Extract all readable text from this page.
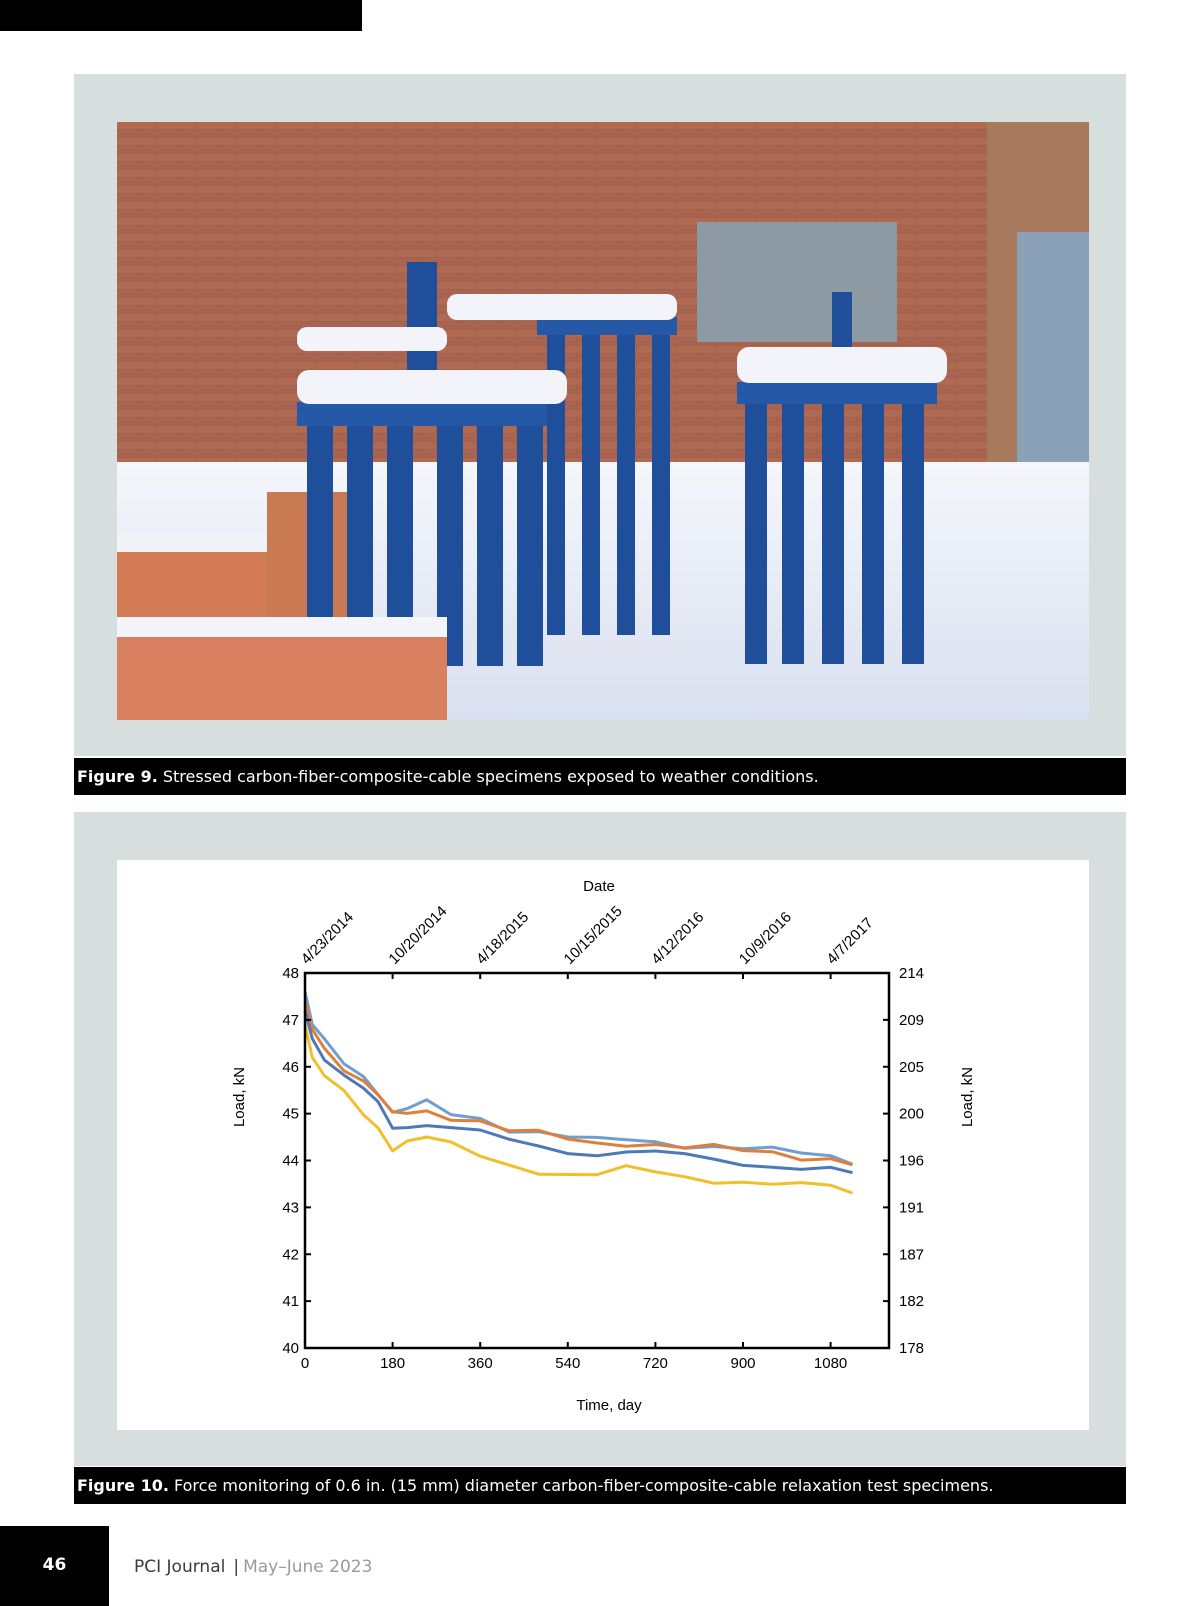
Figure 9. Stressed carbon-fiber-composite-cable specimens exposed to weather conditions.
0	180	360	540	720	900	1080
40
41
42
43
44
45
46
47
48
178
182
187
191
196
200
205
209
214
4/23/2014 10/20/2014 4/18/2015 10/15/2015 4/12/2016 10/9/2016 4/7/2017
Date
Time, day
Load, kN	Load, kN
Figure 10. Force monitoring of 0.6 in. (15 mm) diameter carbon-fiber-composite-cable relaxation test specimens.
46	PCI Journal | May–June 2023
